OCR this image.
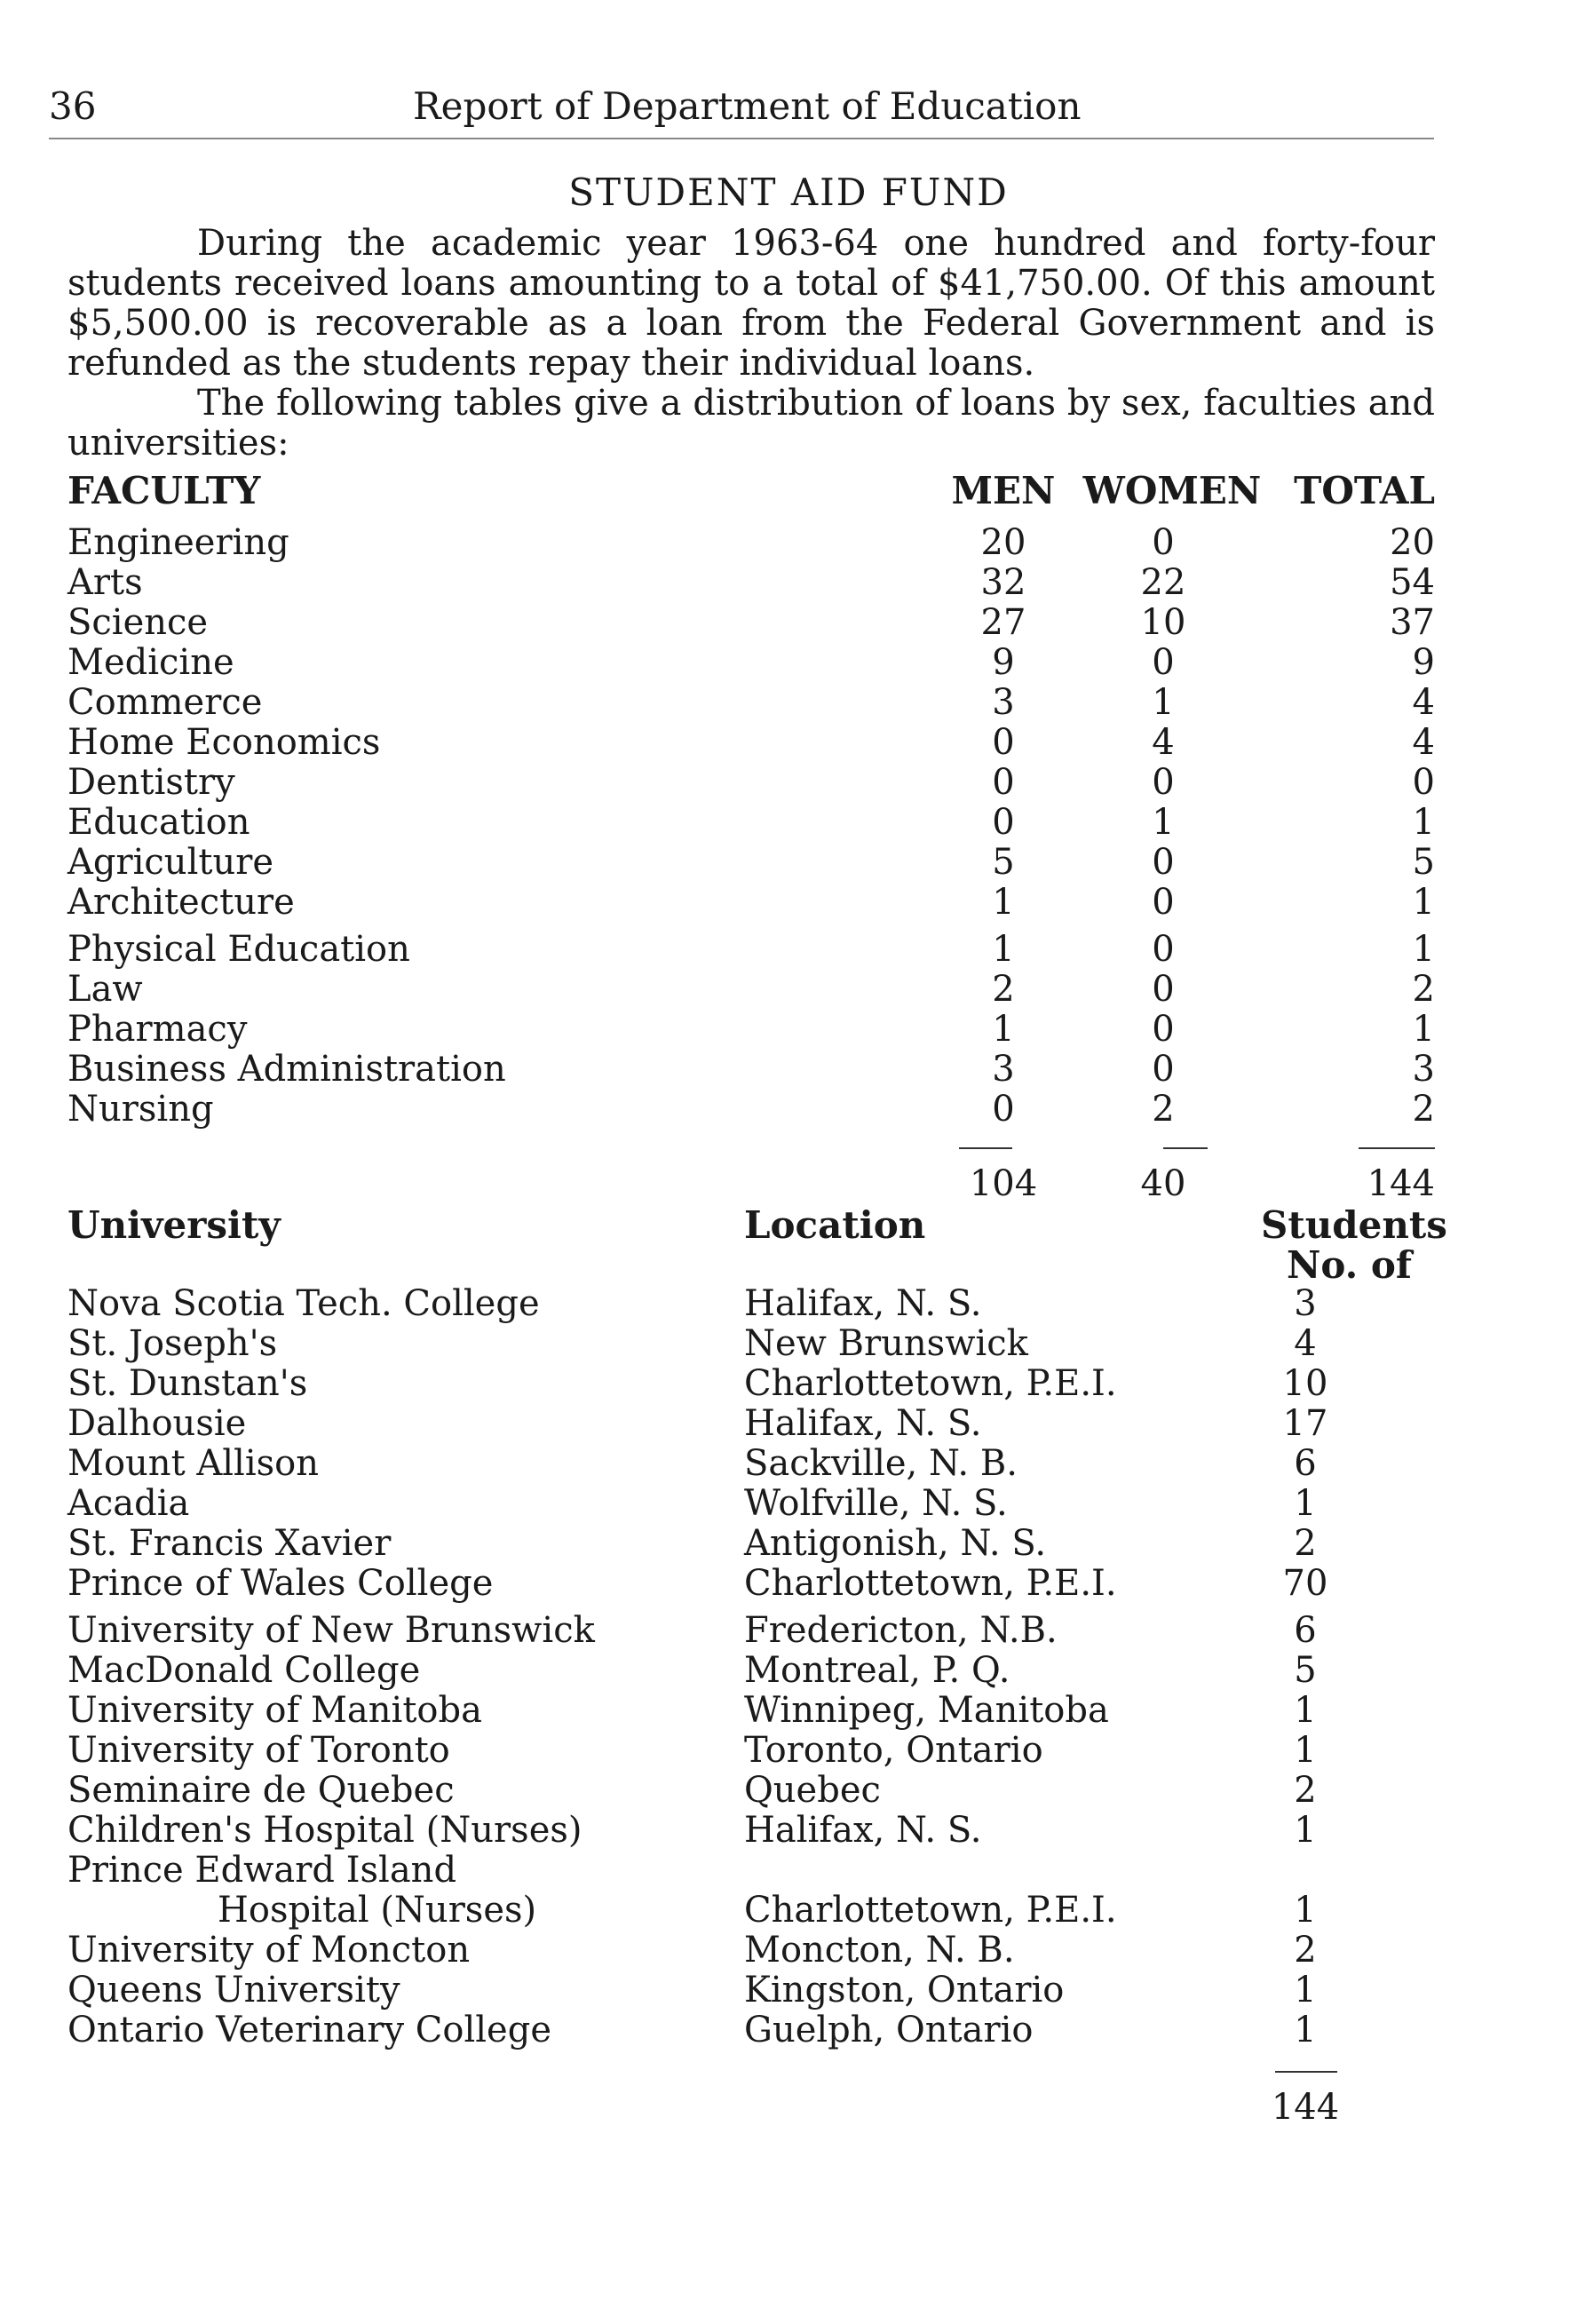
36	Report of Department of Education
STUDENT AID FUND

During the academic year 1963-64 one hundred and forty-four students received loans amounting to a total of $41,750.00. Of this amount $5,500.00 is recoverable as a loan from the Federal Government and is refunded as the students repay their individual loans.

The following tables give a distribution of loans by sex, faculties and universities:

FACULTY	MEN WOMEN TOTAL
Engineering	20	0	20
Arts	32	22	54
Science	27	10	37
Medicine	9	0	9
Commerce	3	1	4
Home Economics	0	4	4
Dentistry	0	0	0
Education	0	1	1
Agriculture	5	0	5
Architecture	1	0	1
Physical Education	1	0	1
Law	2	0	2
Pharmacy	1	0	1
Business Administration	3	0	3
Nursing	0	2	2
104	40	144
University	Location	Students
No. of
Nova Scotia Tech. College	Halifax, N. S.	3
St. Joseph's	New Brunswick	4
St. Dunstan's	Charlottetown, P.E.I.	10
Dalhousie	Halifax, N. S.	17
Mount Allison	Sackville, N. B.	6
Acadia	Wolfville, N. S.	1
St. Francis Xavier	Antigonish, N. S.	2
Prince of Wales College	Charlottetown, P.E.I.	70
University of New Brunswick	Fredericton, N.B.	6
MacDonald College	Montreal, P. Q.	5
University of Manitoba	Winnipeg, Manitoba	1
University of Toronto	Toronto, Ontario	1
Seminaire de Quebec	Quebec	2
Children's Hospital (Nurses)	Halifax, N. S.	1
Prince Edward Island
Hospital (Nurses)	Charlottetown, P.E.I.	1
University of Moncton	Moncton, N. B.	2
Queens University	Kingston, Ontario	1
Ontario Veterinary College	Guelph, Ontario	1
144
